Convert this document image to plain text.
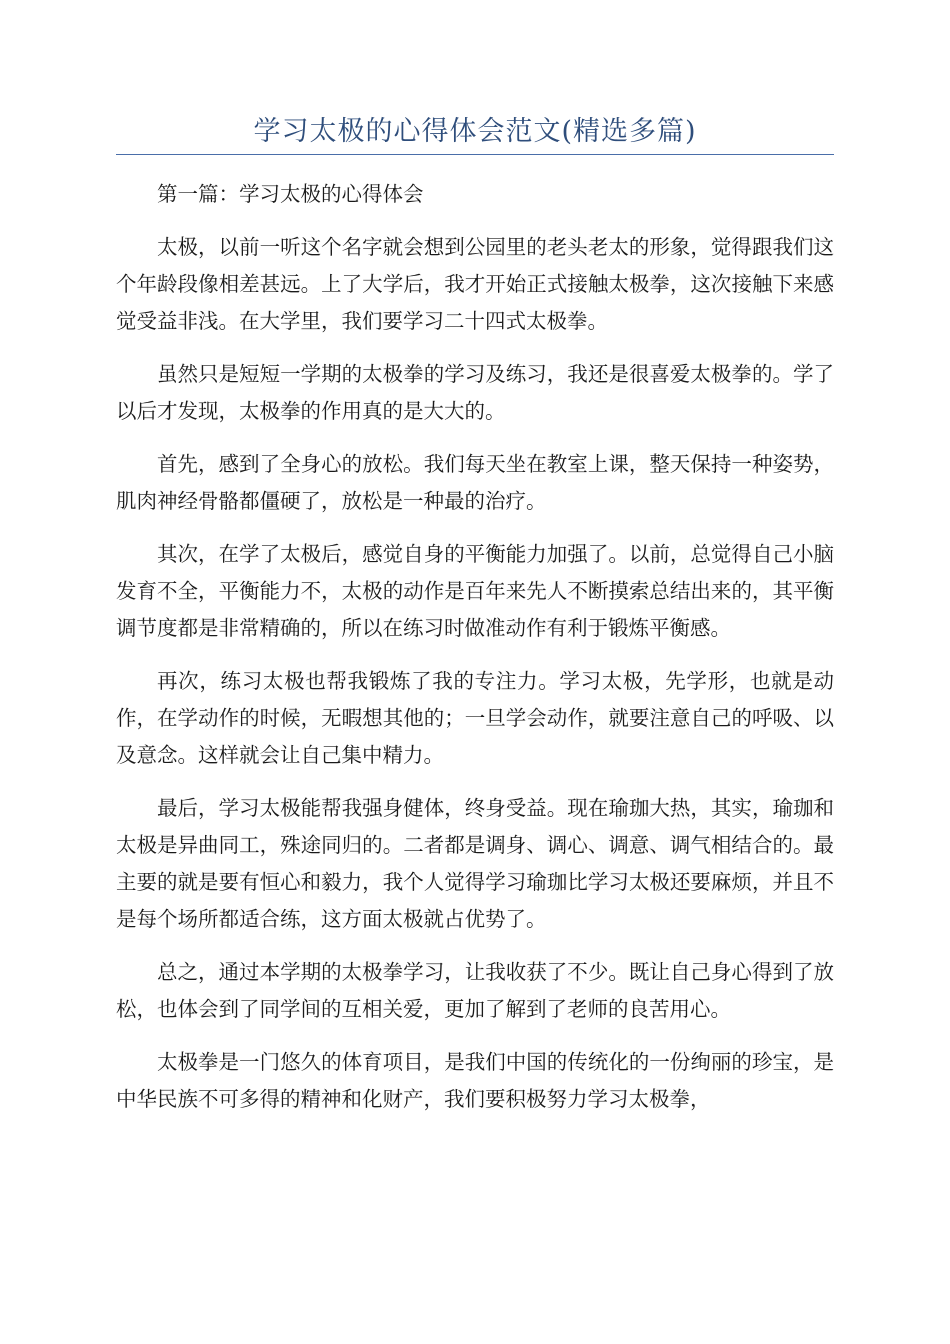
学习太极的心得体会范文(精选多篇)

第一篇：学习太极的心得体会

太极，以前一听这个名字就会想到公园里的老头老太的形象，觉得跟我们这个年龄段像相差甚远。上了大学后，我才开始正式接触太极拳，这次接触下来感觉受益非浅。在大学里，我们要学习二十四式太极拳。

虽然只是短短一学期的太极拳的学习及练习，我还是很喜爱太极拳的。学了以后才发现，太极拳的作用真的是大大的。

首先，感到了全身心的放松。我们每天坐在教室上课，整天保持一种姿势，肌肉神经骨骼都僵硬了，放松是一种最的治疗。

其次，在学了太极后，感觉自身的平衡能力加强了。以前，总觉得自己小脑发育不全，平衡能力不，太极的动作是百年来先人不断摸索总结出来的，其平衡调节度都是非常精确的，所以在练习时做准动作有利于锻炼平衡感。

再次，练习太极也帮我锻炼了我的专注力。学习太极，先学形，也就是动作，在学动作的时候，无暇想其他的；一旦学会动作，就要注意自己的呼吸、以及意念。这样就会让自己集中精力。

最后，学习太极能帮我强身健体，终身受益。现在瑜珈大热，其实，瑜珈和太极是异曲同工，殊途同归的。二者都是调身、调心、调意、调气相结合的。最主要的就是要有恒心和毅力，我个人觉得学习瑜珈比学习太极还要麻烦，并且不是每个场所都适合练，这方面太极就占优势了。

总之，通过本学期的太极拳学习，让我收获了不少。既让自己身心得到了放松，也体会到了同学间的互相关爱，更加了解到了老师的良苦用心。

太极拳是一门悠久的体育项目，是我们中国的传统化的一份绚丽的珍宝，是中华民族不可多得的精神和化财产，我们要积极努力学习太极拳，
